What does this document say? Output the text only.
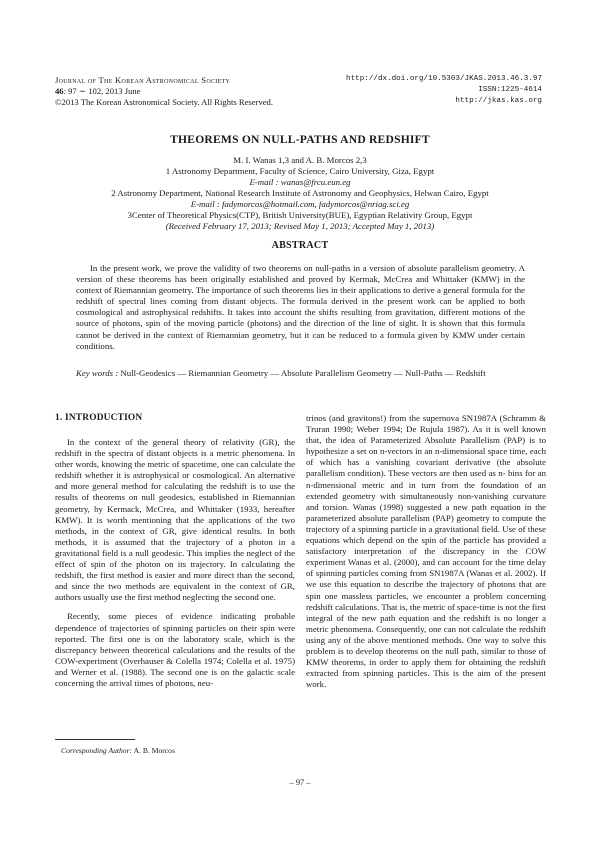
Journal of The Korean Astronomical Society
46: 97 ∼ 102, 2013 June
©2013 The Korean Astronomical Society. All Rights Reserved.
http://dx.doi.org/10.5303/JKAS.2013.46.3.97
ISSN:1225-4614
http://jkas.kas.org
THEOREMS ON NULL-PATHS AND REDSHIFT
M. I. Wanas 1,3 and A. B. Morcos 2,3
1 Astronomy Department, Faculty of Science, Cairo University, Giza, Egypt
E-mail : wanas@frcu.eun.eg
2 Astronomy Department, National Research Institute of Astronomy and Geophysics, Helwan Cairo, Egypt
E-mail : fadymorcos@hotmail.com, fadymorcos@nriag.sci.eg
3Center of Theoretical Physics(CTP), British University(BUE), Egyptian Relativity Group, Egypt
(Received February 17, 2013; Revised May 1, 2013; Accepted May 1, 2013)
ABSTRACT

In the present work, we prove the validity of two theorems on null-paths in a version of absolute parallelism geometry. A version of these theorems has been originally established and proved by Kermak, McCrea and Whittaker (KMW) in the context of Riemannian geometry. The importance of such theorems lies in their applications to derive a general formula for the redshift of spectral lines coming from distant objects. The formula derived in the present work can be applied to both cosmological and astrophysical redshifts. It takes into account the shifts resulting from gravitation, different motions of the source of photons, spin of the moving particle (photons) and the direction of the line of sight. It is shown that this formula cannot be derived in the context of Riemannian geometry, but it can be reduced to a formula given by KMW under certain conditions.

Key words : Null-Geodesics — Riemannian Geometry — Absolute Parallelism Geometry — Null-Paths — Redshift
1. INTRODUCTION

In the context of the general theory of relativity (GR), the redshift in the spectra of distant objects is a metric phenomena. In other words, knowing the metric of spacetime, one can calculate the redshift whether it is astrophysical or cosmological. An alternative and more general method for calculating the redshift is to use the results of theorems on null geodesics, established in Riemannian geometry, by Kermack, McCrea, and Whittaker (1933, hereafter KMW). It is worth mentioning that the applications of the two methods, in the context of GR, give identical results. In both methods, it is assumed that the trajectory of a photon in a gravitational field is a null geodesic. This implies the neglect of the effect of spin of the photon on its trajectory. In calculating the redshift, the first method is easier and more direct than the second, and since the two methods are equivalent in the context of GR, authors usually use the first method neglecting the second one.

Recently, some pieces of evidence indicating probable dependence of trajectories of spinning particles on their spin were reported. The first one is on the laboratory scale, which is the discrepancy between theoretical calculations and the results of the COW-experiment (Overhauser & Colella 1974; Colella et al. 1975) and Werner et al. (1988). The second one is on the galactic scale concerning the arrival times of photons, neu-

trinos (and gravitons!) from the supernova SN1987A (Schramm & Truran 1990; Weber 1994; De Rujula 1987). As it is well known that, the idea of Parameterized Absolute Parallelism (PAP) is to hypothesize a set on n-vectors in an n-dimensional space time, each of which has a vanishing covariant derivative (the absolute parallelism condition). These vectors are then used as n- bins for an n-dimensional metric and in turn from the foundation of an extended geometry with simultaneously non-vanishing curvature and torsion. Wanas (1998) suggested a new path equation in the parameterized absolute parallelism (PAP) geometry to compute the trajectory of a spinning particle in a gravitational field. Use of these equations which depend on the spin of the particle has provided a satisfactory interpretation of the discrepancy in the COW experiment Wanas et al. (2000), and can account for the time delay of spinning particles coming from SN1987A (Wanas et al. 2002). If we use this equation to describe the trajectory of photons that are spin one massless particles, we encounter a problem concerning redshift calculations. That is, the metric of space-time is not the first integral of the new path equation and the redshift is no longer a metric phenomena. Consequently, one can not calculate the redshift using any of the above mentioned methods. One way to solve this problem is to develop theorems on the null path, similar to those of KMW theorems, in order to apply them for obtaining the redshift extracted from spinning particles. This is the aim of the present work.

Corresponding Author: A. B. Morcos
– 97 –
